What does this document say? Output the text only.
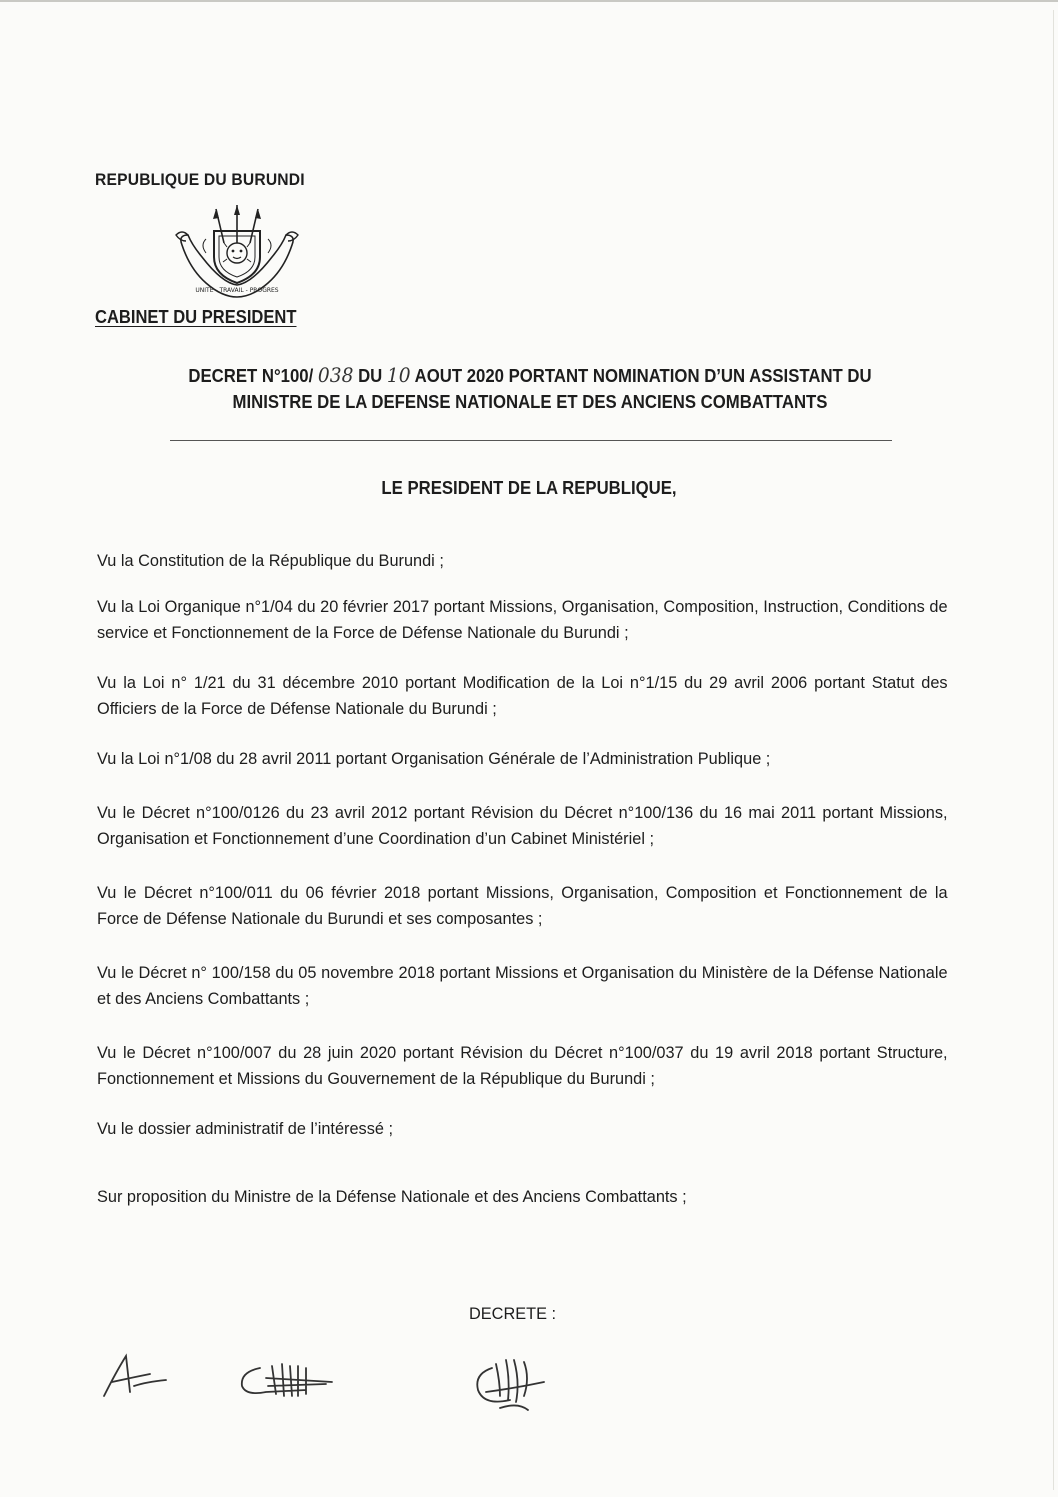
REPUBLIQUE DU BURUNDI
UNITE - TRAVAIL - PROGRES
CABINET DU PRESIDENT
DECRET N°100/ 038 DU 10 AOUT 2020 PORTANT NOMINATION D’UN ASSISTANT DU
MINISTRE DE LA DEFENSE NATIONALE ET DES ANCIENS COMBATTANTS
LE PRESIDENT DE LA REPUBLIQUE,

Vu la Constitution de la République du Burundi ;

Vu la Loi Organique n°1/04 du 20 février 2017 portant Missions, Organisation, Composition, Instruction, Conditions de service et Fonctionnement de la Force de Défense Nationale du Burundi ;

Vu la Loi n° 1/21 du 31 décembre 2010 portant Modification de la Loi n°1/15 du 29 avril 2006 portant Statut des Officiers de la Force de Défense Nationale du Burundi ;

Vu la Loi n°1/08 du 28 avril 2011 portant Organisation Générale de l’Administration Publique ;

Vu le Décret n°100/0126 du 23 avril 2012 portant Révision du Décret n°100/136 du 16 mai 2011 portant Missions, Organisation et Fonctionnement d’une Coordination d’un Cabinet Ministériel ;

Vu le Décret n°100/011 du 06 février 2018 portant Missions, Organisation, Composition et Fonctionnement de la Force de Défense Nationale du Burundi et ses composantes ;

Vu le Décret n° 100/158 du 05 novembre 2018 portant Missions et Organisation du Ministère de la Défense Nationale et des Anciens Combattants ;

Vu le Décret n°100/007 du 28 juin 2020 portant Révision du Décret n°100/037 du 19 avril 2018 portant Structure, Fonctionnement et Missions du Gouvernement de la République du Burundi ;

Vu le dossier administratif de l’intéressé ;

Sur proposition du Ministre de la Défense Nationale et des Anciens Combattants ;

DECRETE :
